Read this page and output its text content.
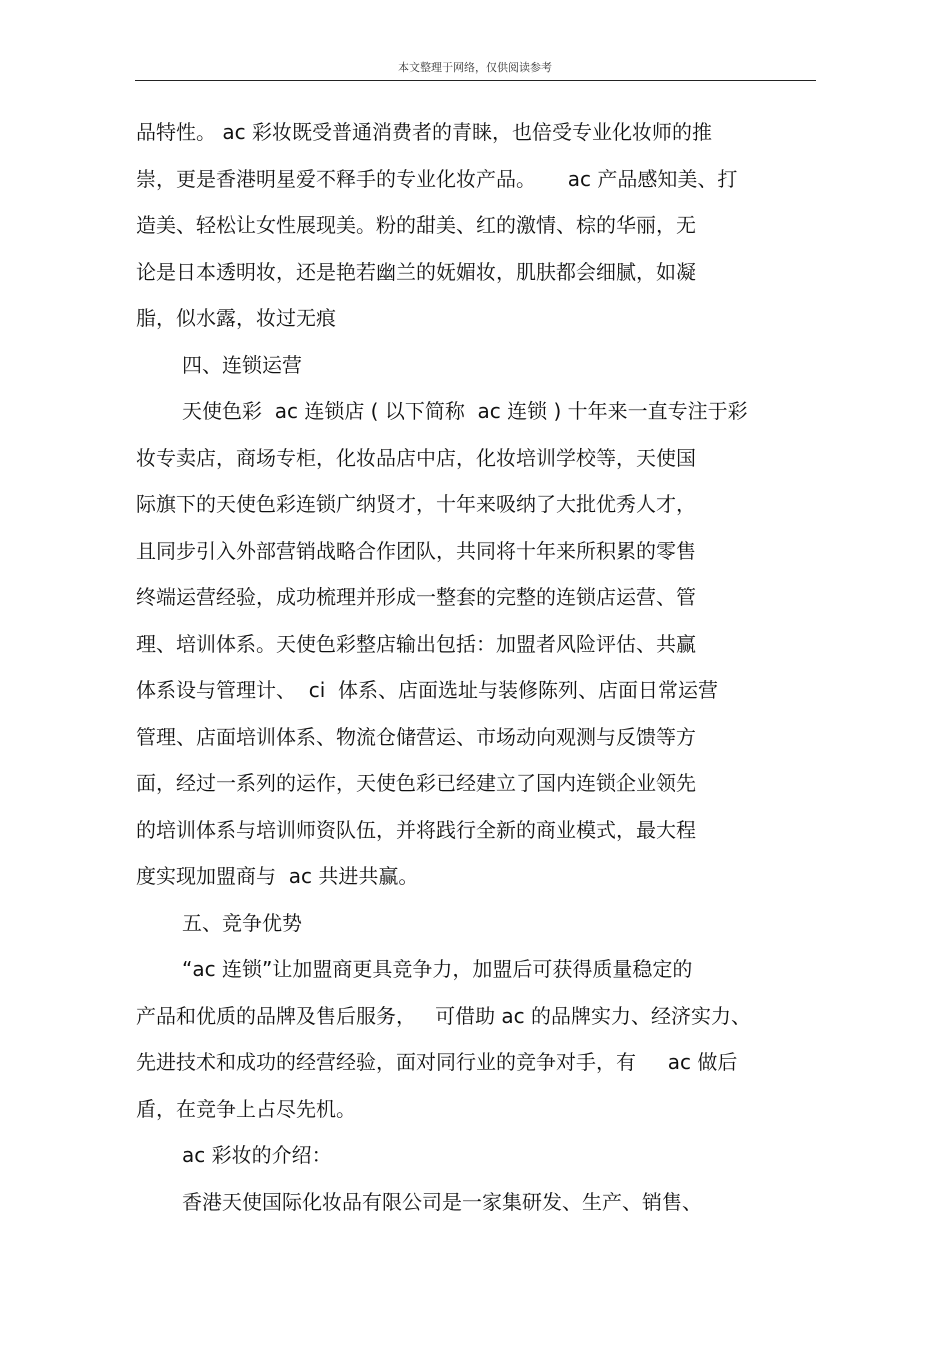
本文整理于网络，仅供阅读参考

品特性。 ac 彩妆既受普通消费者的青睐，也倍受专业化妆师的推

崇，更是香港明星爱不释手的专业化妆产品。     ac 产品感知美、打

造美、轻松让女性展现美。粉的甜美、红的激情、棕的华丽，无

论是日本透明妆，还是艳若幽兰的妩媚妆，肌肤都会细腻，如凝

脂，似水露，妆过无痕

四、连锁运营

天使色彩  ac 连锁店 ( 以下简称  ac 连锁 ) 十年来一直专注于彩

妆专卖店，商场专柜，化妆品店中店，化妆培训学校等，天使国

际旗下的天使色彩连锁广纳贤才，十年来吸纳了大批优秀人才，

且同步引入外部营销战略合作团队，共同将十年来所积累的零售

终端运营经验，成功梳理并形成一整套的完整的连锁店运营、管

理、培训体系。天使色彩整店输出包括：加盟者风险评估、共赢

体系设与管理计、  ci  体系、店面选址与装修陈列、店面日常运营

管理、店面培训体系、物流仓储营运、市场动向观测与反馈等方

面，经过一系列的运作，天使色彩已经建立了国内连锁企业领先

的培训体系与培训师资队伍，并将践行全新的商业模式，最大程

度实现加盟商与  ac 共进共赢。

五、竞争优势

“ac 连锁”让加盟商更具竞争力，加盟后可获得质量稳定的

产品和优质的品牌及售后服务，   可借助 ac 的品牌实力、经济实力、

先进技术和成功的经营经验，面对同行业的竞争对手，有     ac 做后

盾，在竞争上占尽先机。

ac 彩妆的介绍：

香港天使国际化妆品有限公司是一家集研发、生产、销售、
